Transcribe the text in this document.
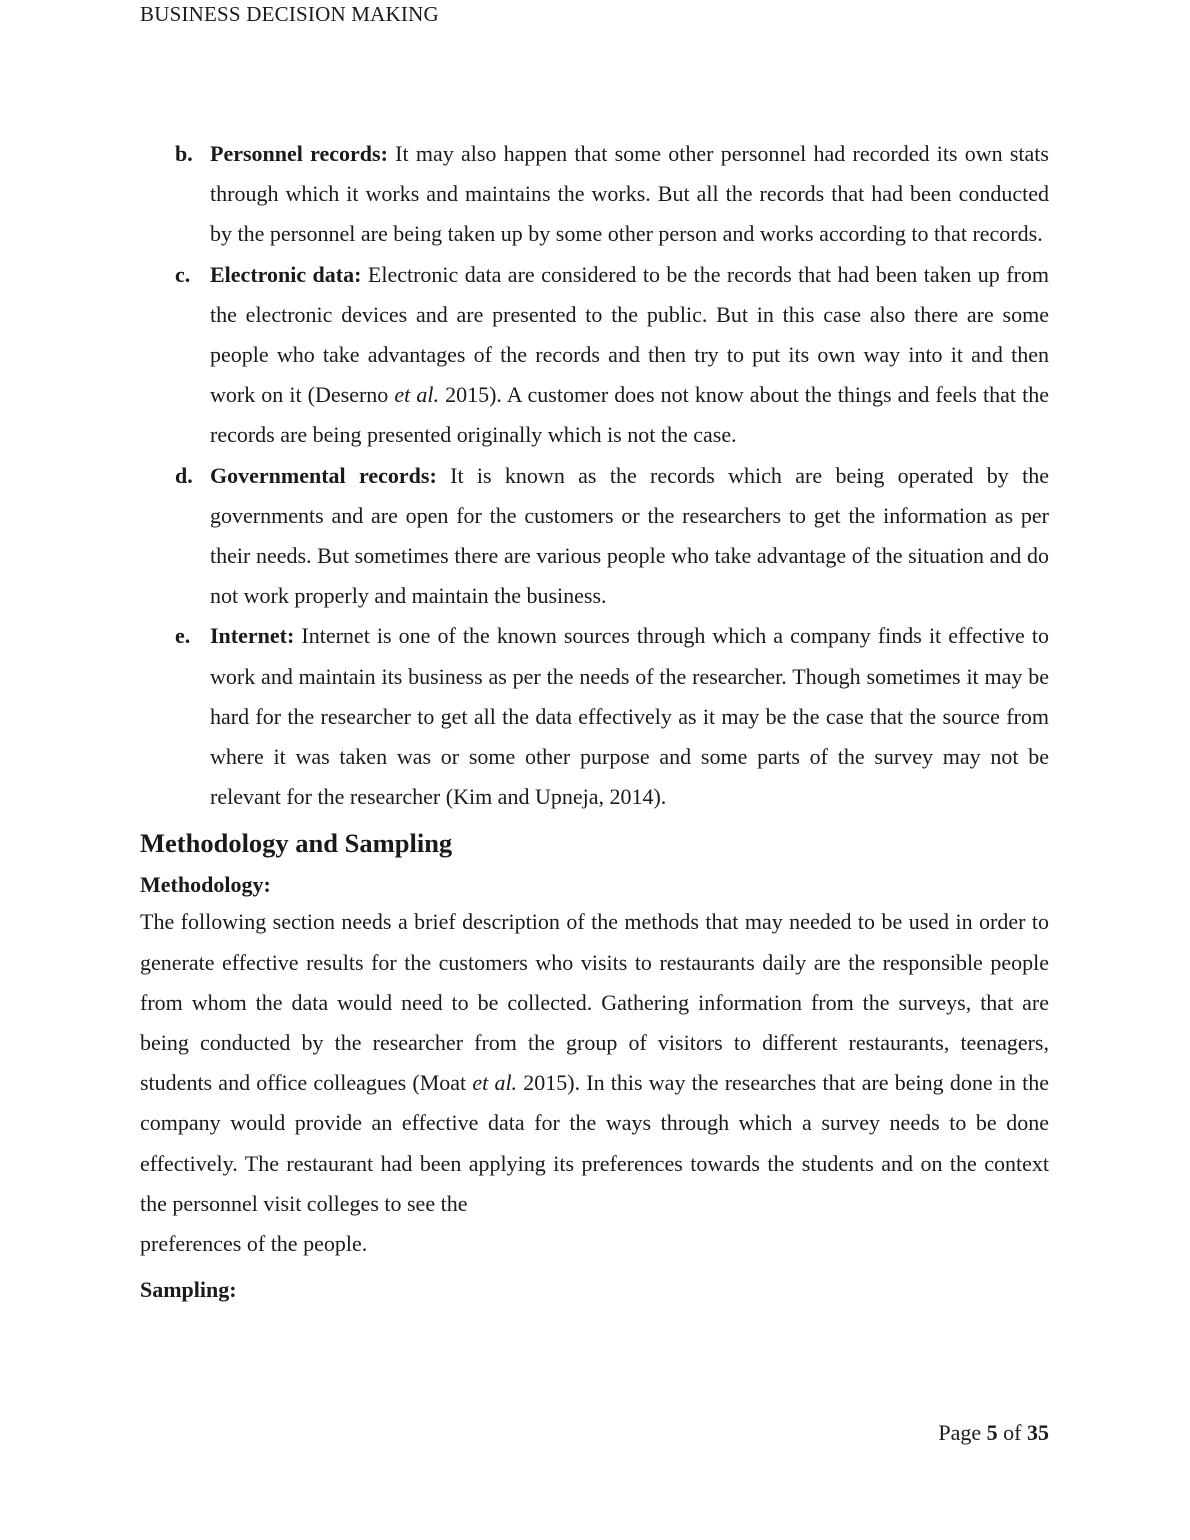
BUSINESS DECISION MAKING
b. Personnel records: It may also happen that some other personnel had recorded its own stats through which it works and maintains the works. But all the records that had been conducted by the personnel are being taken up by some other person and works according to that records.
c. Electronic data: Electronic data are considered to be the records that had been taken up from the electronic devices and are presented to the public. But in this case also there are some people who take advantages of the records and then try to put its own way into it and then work on it (Deserno et al. 2015). A customer does not know about the things and feels that the records are being presented originally which is not the case.
d. Governmental records: It is known as the records which are being operated by the governments and are open for the customers or the researchers to get the information as per their needs. But sometimes there are various people who take advantage of the situation and do not work properly and maintain the business.
e. Internet: Internet is one of the known sources through which a company finds it effective to work and maintain its business as per the needs of the researcher. Though sometimes it may be hard for the researcher to get all the data effectively as it may be the case that the source from where it was taken was or some other purpose and some parts of the survey may not be relevant for the researcher (Kim and Upneja, 2014).
Methodology and Sampling
Methodology:

The following section needs a brief description of the methods that may needed to be used in order to generate effective results for the customers who visits to restaurants daily are the responsible people from whom the data would need to be collected. Gathering information from the surveys, that are being conducted by the researcher from the group of visitors to different restaurants, teenagers, students and office colleagues (Moat et al. 2015). In this way the researches that are being done in the company would provide an effective data for the ways through which a survey needs to be done effectively. The restaurant had been applying its preferences towards the students and on the context the personnel visit colleges to see the

preferences of the people.
Sampling:
Page 5 of 35
